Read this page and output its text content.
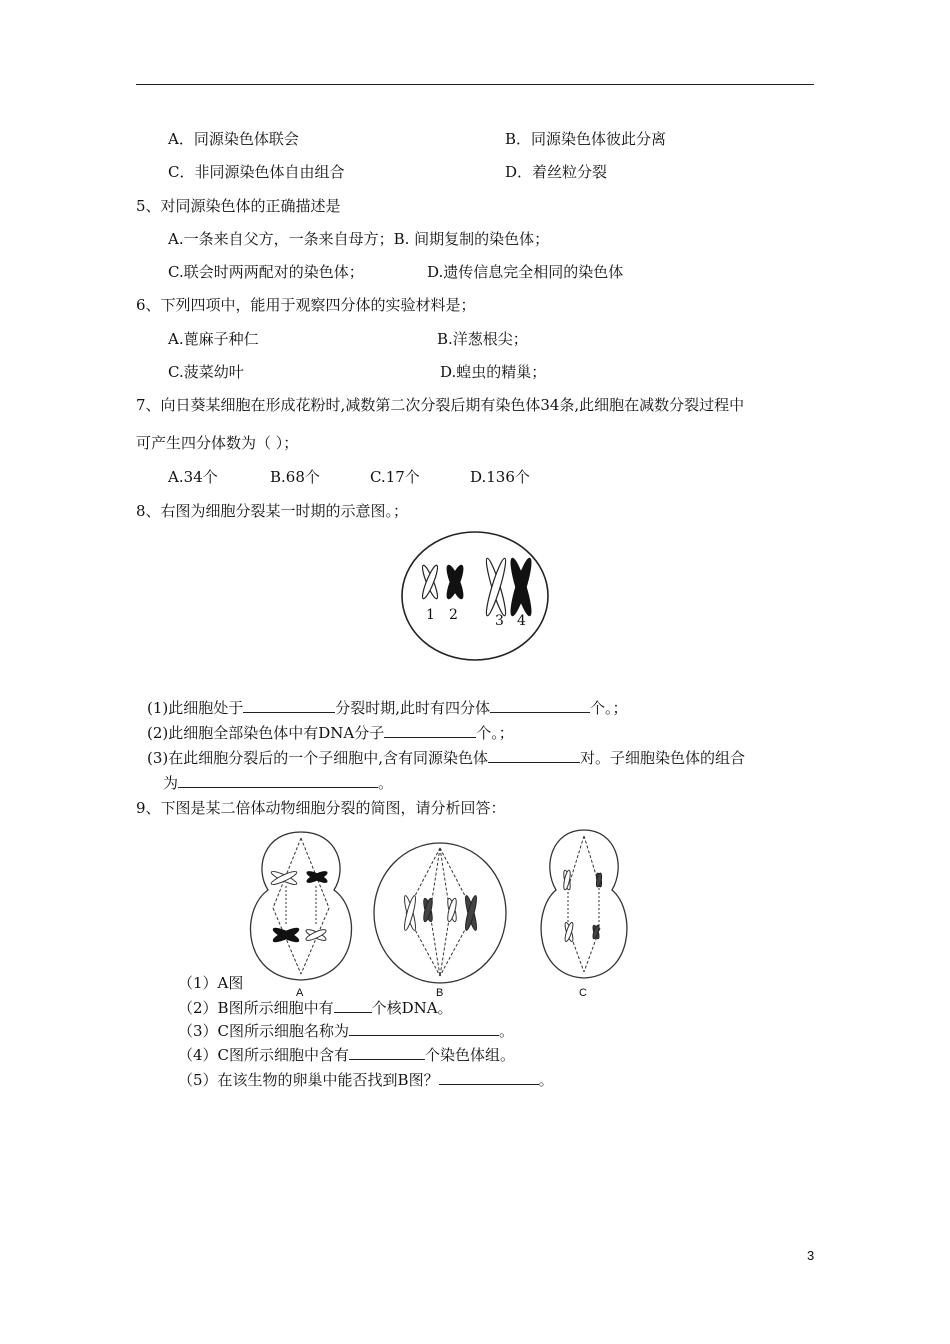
A．同源染色体联会	B．同源染色体彼此分离
C．非同源染色体自由组合	D．着丝粒分裂
5、对同源染色体的正确描述是
A.一条来自父方，一条来自母方；B. 间期复制的染色体；
C.联会时两两配对的染色体；	D.遗传信息完全相同的染色体
6、下列四项中，能用于观察四分体的实验材料是；
A.蓖麻子种仁	B.洋葱根尖；
C.菠菜幼叶	D.蝗虫的精巢；
7、向日葵某细胞在形成花粉时,减数第二次分裂后期有染色体34条,此细胞在减数分裂过程中
可产生四分体数为（ ）；
A.34个	B.68个	C.17个	D.136个
8、右图为细胞分裂某一时期的示意图。；
1 2	3 4
(1)此细胞处于	分裂时期,此时有四分体	个。；
(2)此细胞全部染色体中有DNA分子	个。；
(3)在此细胞分裂后的一个子细胞中,含有同源染色体	对。子细胞染色体的组合
为	。
9、下图是某二倍体动物细胞分裂的简图，请分析回答：
A	B	C
（1）A图
（2）B图所示细胞中有	个核DNA。
（3）C图所示细胞名称为	。
（4）C图所示细胞中含有	个染色体组。
（5）在该生物的卵巢中能否找到B图？	。
3
